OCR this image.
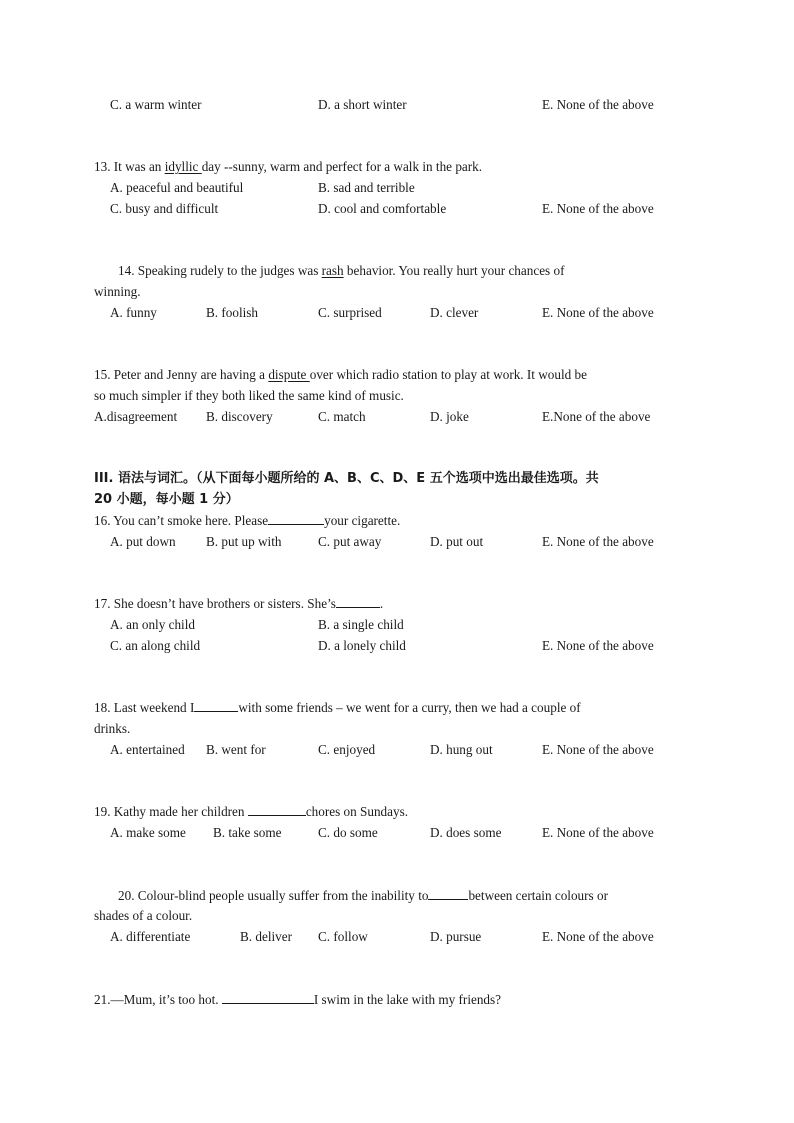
C. a warm winter	D. a short winter	E. None of the above
13. It was an idyllic day --sunny, warm and perfect for a walk in the park.
A. peaceful and beautiful	B. sad and terrible
C. busy and difficult	D. cool and comfortable	E. None of the above
14. Speaking rudely to the judges was rash behavior. You really hurt your chances of
winning.
A. funny	B. foolish	C. surprised	D. clever	E. None of the above
15. Peter and Jenny are having a dispute over which radio station to play at work. It would be
so much simpler if they both liked the same kind of music.
A.disagreement B. discovery	C. match	D. joke	E.None of the above
III. 语法与词汇。（从下面每小题所给的 A、B、C、D、E 五个选项中选出最佳选项。共
20 小题，每小题 1 分）
16. You can’t smoke here. Please	your cigarette.
A. put down B. put up with	C. put away	D. put out	E. None of the above
17. She doesn’t have brothers or sisters. She’s	.
A. an only child	B. a single child
C. an along child	D. a lonely child	E. None of the above
18. Last weekend I	with some friends – we went for a curry, then we had a couple of
drinks.
A. entertained B. went for	C. enjoyed	D. hung out	E. None of the above
19. Kathy made her children	chores on Sundays.
A. make some B. take some	C. do some	D. does some	E. None of the above
20. Colour-blind people usually suffer from the inability to	between certain colours or
shades of a colour.
A. differentiate	B. deliver C. follow	D. pursue	E. None of the above
21.—Mum, it’s too hot.	I swim in the lake with my friends?
